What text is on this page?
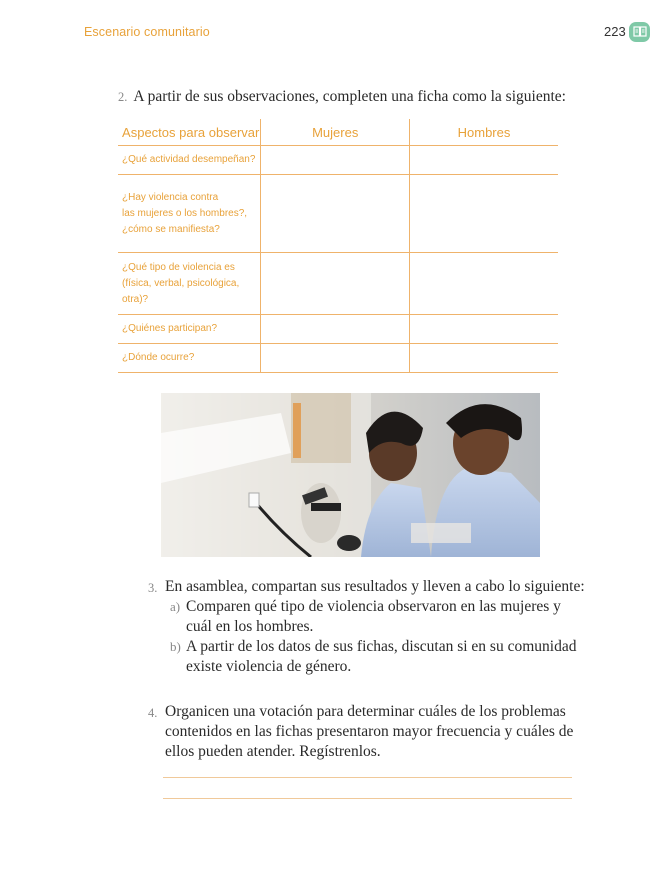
Escenario comunitario	223
2. A partir de sus observaciones, completen una ficha como la siguiente:
Aspectos para observar	Mujeres	Hombres
¿Qué actividad desempeñan?		

¿Hay violencia contra
las mujeres o los hombres?,
¿cómo se manifiesta?		

¿Qué tipo de violencia es
(física, verbal, psicológica,
otra)?		

¿Quiénes participan?		
¿Dónde ocurre?		
3. En asamblea, compartan sus resultados y lleven a cabo lo siguiente:
a) Comparen qué tipo de violencia observaron en las mujeres y
cuál en los hombres.
b) A partir de los datos de sus fichas, discutan si en su comunidad
existe violencia de género.
4. Organicen una votación para determinar cuáles de los problemas
contenidos en las fichas presentaron mayor frecuencia y cuáles de
ellos pueden atender. Regístrenlos.
